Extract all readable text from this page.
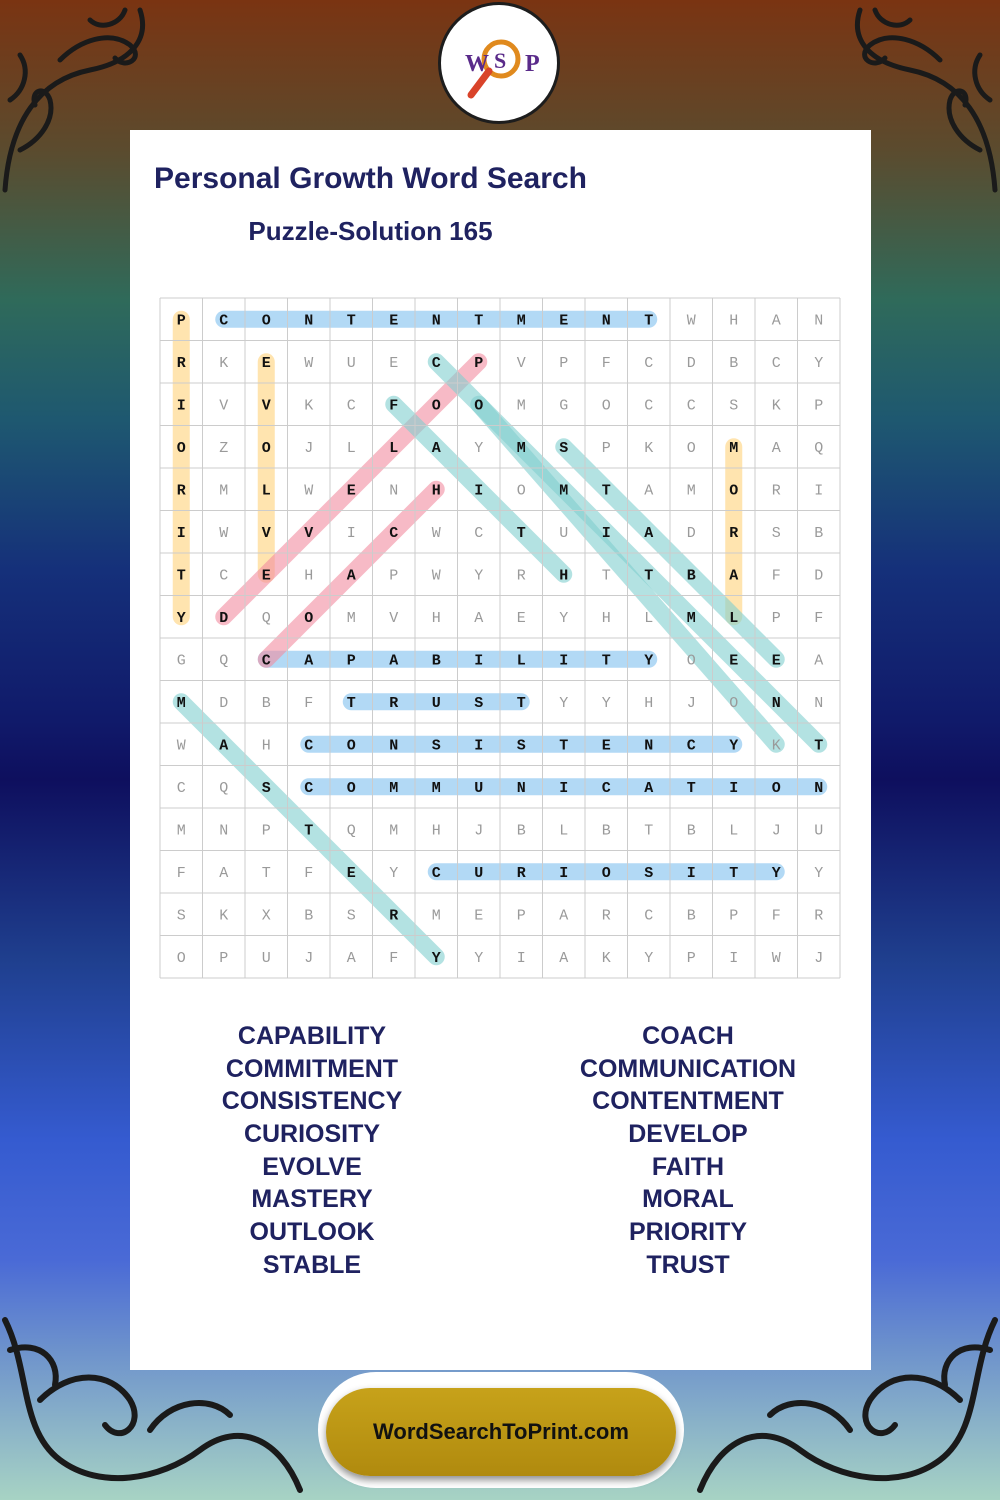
W S P
Personal Growth Word Search
Puzzle-Solution 165
P C O N T E N T M E N T W H A N
R K E W U E C P V P F C D B C Y
I V V K C F O O M G O C C S K P
O Z O J L L A Y M S P K O M A Q
R M L W E N H I O M T A M O R I
I W V V I C W C T U I A D R S B
T C E H A P W Y R H T T B A F D
Y D Q O M V H A E Y H L M L P F
G Q C A P A B I L I T Y O E E A
M D B F T R U S T Y Y H J O N N
W A H C O N S I S T E N C Y K T
C Q S C O M M U N I C A T I O N
M N P T Q M H J B L B T B L J U
F A T F E Y C U R I O S I T Y Y
S K X B S R M E P A R C B P F R
O P U J A F Y Y I A K Y P I W J
CAPABILITY
COMMITMENT
CONSISTENCY
CURIOSITY
EVOLVE
MASTERY
OUTLOOK
STABLE
COACH
COMMUNICATION
CONTENTMENT
DEVELOP
FAITH
MORAL
PRIORITY
TRUST
WordSearchToPrint.com
